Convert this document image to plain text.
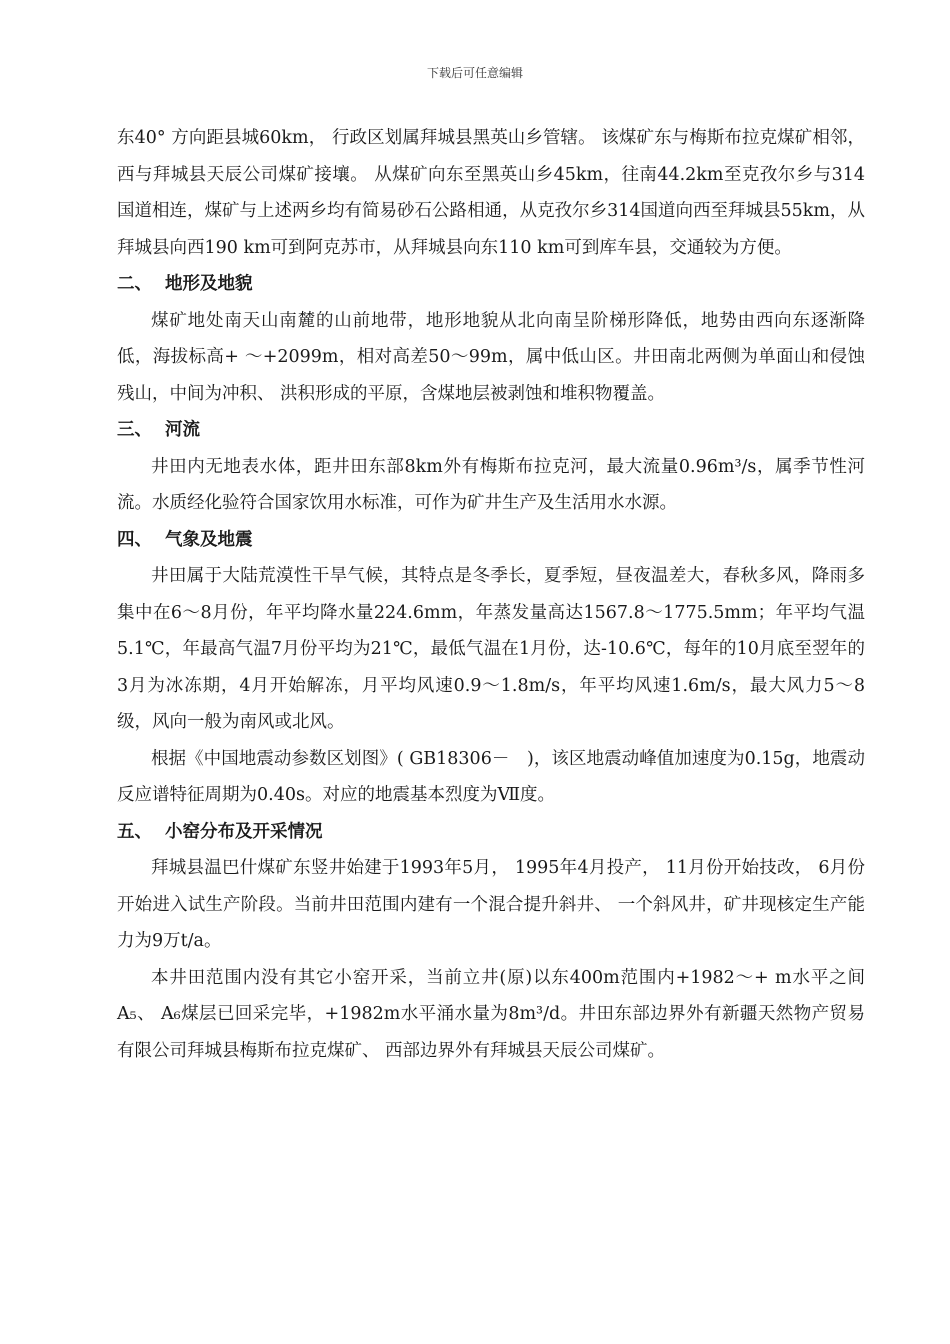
下载后可任意编辑

东40° 方向距县城60km， 行政区划属拜城县黑英山乡管辖。 该煤矿东与梅斯布拉克煤矿相邻，西与拜城县天辰公司煤矿接壤。 从煤矿向东至黑英山乡45km，往南44.2km至克孜尔乡与314国道相连，煤矿与上述两乡均有简易砂石公路相通，从克孜尔乡314国道向西至拜城县55km，从拜城县向西190 km可到阿克苏市，从拜城县向东110 km可到库车县，交通较为方便。

二、 地形及地貌

煤矿地处南天山南麓的山前地带，地形地貌从北向南呈阶梯形降低，地势由西向东逐渐降低，海拔标高+ ～+2099m，相对高差50～99m，属中低山区。井田南北两侧为单面山和侵蚀残山，中间为冲积、 洪积形成的平原，含煤地层被剥蚀和堆积物覆盖。

三、 河流

井田内无地表水体，距井田东部8km外有梅斯布拉克河，最大流量0.96m³/s，属季节性河流。水质经化验符合国家饮用水标准，可作为矿井生产及生活用水水源。

四、 气象及地震

井田属于大陆荒漠性干旱气候，其特点是冬季长，夏季短，昼夜温差大，春秋多风，降雨多集中在6～8月份，年平均降水量224.6mm，年蒸发量高达1567.8～1775.5mm；年平均气温5.1℃，年最高气温7月份平均为21℃，最低气温在1月份，达-10.6℃，每年的10月底至翌年的3月为冰冻期，4月开始解冻，月平均风速0.9～1.8m/s，年平均风速1.6m/s，最大风力5～8级，风向一般为南风或北风。

根据《中国地震动参数区划图》( GB18306－　)，该区地震动峰值加速度为0.15g，地震动反应谱特征周期为0.40s。对应的地震基本烈度为Ⅶ度。

五、 小窑分布及开采情况

拜城县温巴什煤矿东竖井始建于1993年5月， 1995年4月投产， 11月份开始技改， 6月份开始进入试生产阶段。当前井田范围内建有一个混合提升斜井、 一个斜风井，矿井现核定生产能力为9万t/a。

本井田范围内没有其它小窑开采，当前立井(原)以东400m范围内+1982～+ m水平之间A₅、 A₆煤层已回采完毕，+1982m水平涌水量为8m³/d。井田东部边界外有新疆天然物产贸易有限公司拜城县梅斯布拉克煤矿、 西部边界外有拜城县天辰公司煤矿。
